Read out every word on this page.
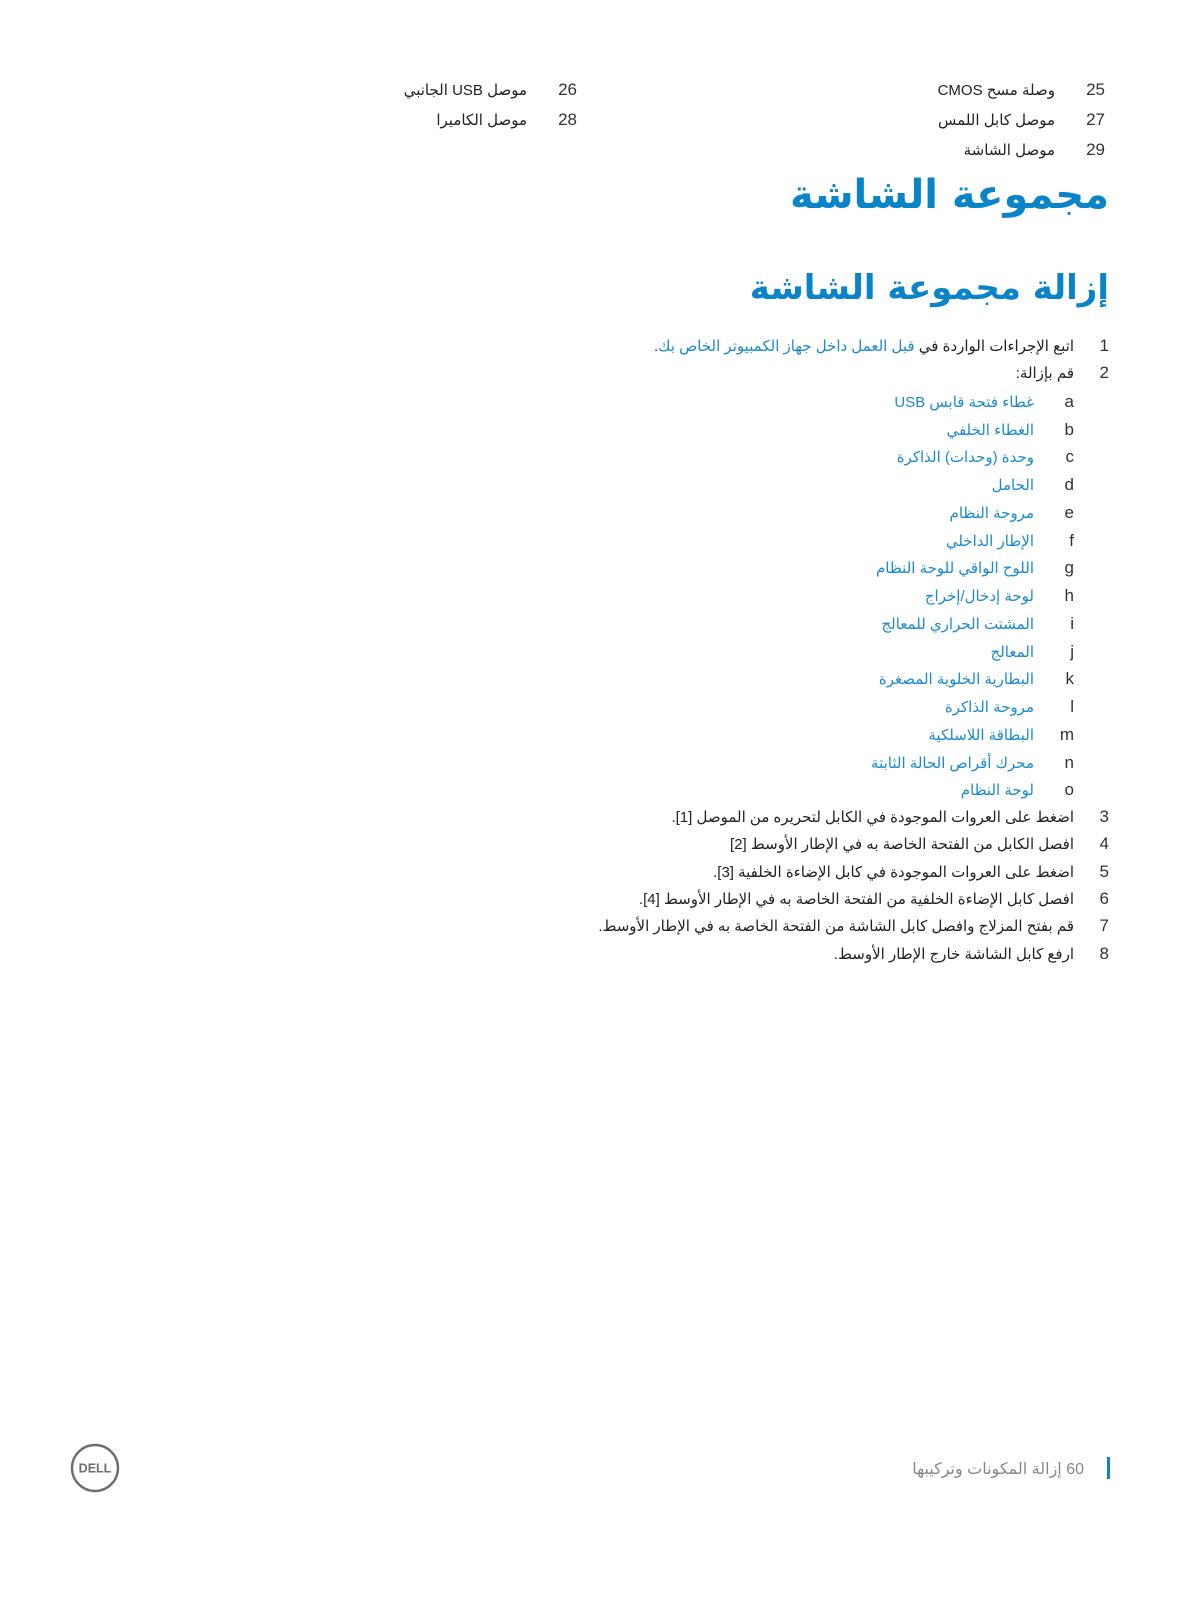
25
وصلة مسح CMOS
26
موصل USB الجانبي
27
موصل كابل اللمس
28
موصل الكاميرا
29
موصل الشاشة
مجموعة الشاشة
إزالة مجموعة الشاشة
1
اتبع الإجراءات الواردة في قبل العمل داخل جهاز الكمبيوتر الخاص بك.
2
قم بإزالة:
a
غطاء فتحة قابس USB
b
الغطاء الخلفي
c
وحدة (وحدات) الذاكرة
d
الحامل
e
مروحة النظام
f
الإطار الداخلي
g
اللوح الواقي للوحة النظام
h
لوحة إدخال/إخراج
i
المشتت الحراري للمعالج
j
المعالج
k
البطارية الخلوية المصغرة
l
مروحة الذاكرة
m
البطاقة اللاسلكية
n
محرك أقراص الحالة الثابتة
o
لوحة النظام
3
اضغط على العروات الموجودة في الكابل لتحريره من الموصل [1].
4
افصل الكابل من الفتحة الخاصة به في الإطار الأوسط [2]
5
اضغط على العروات الموجودة في كابل الإضاءة الخلفية [3].
6
افصل كابل الإضاءة الخلفية من الفتحة الخاصة به في الإطار الأوسط [4].
7
قم بفتح المزلاج وافصل كابل الشاشة من الفتحة الخاصة به في الإطار الأوسط.
8
ارفع كابل الشاشة خارج الإطار الأوسط.
60 إزالة المكونات وتركيبها
DELL
